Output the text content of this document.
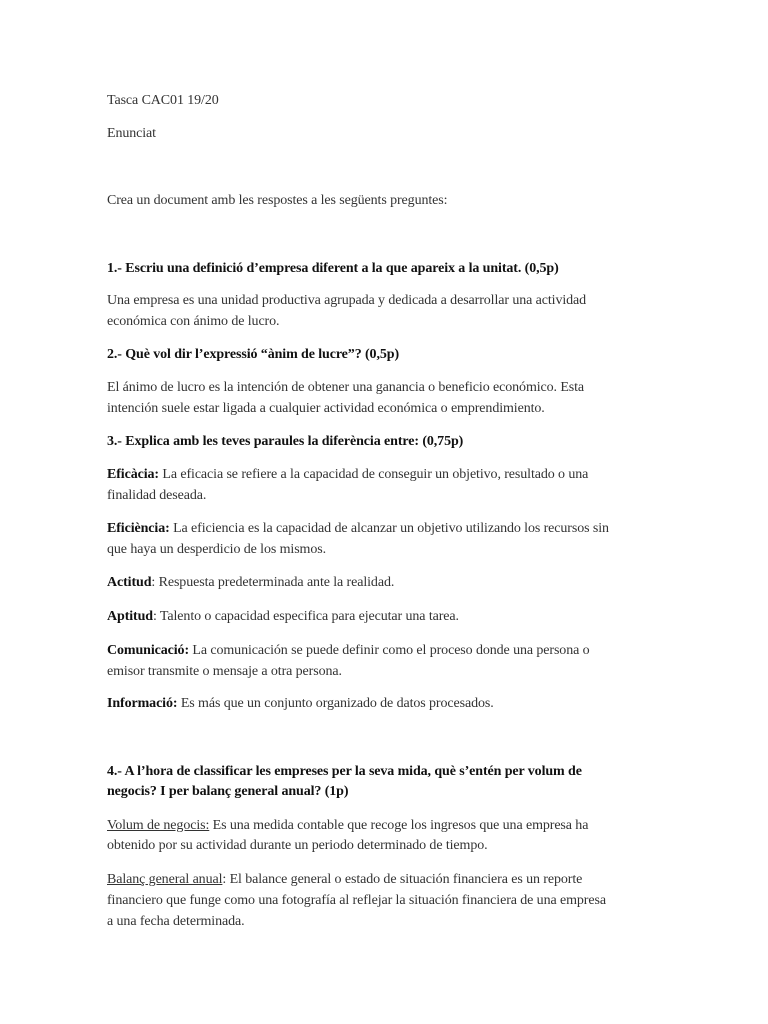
Tasca CAC01 19/20
Enunciat
Crea un document amb les respostes a les següents preguntes:
1.- Escriu una definició d’empresa diferent a la que apareix a la unitat. (0,5p)
Una empresa es una unidad productiva agrupada y dedicada a desarrollar una actividad
económica con ánimo de lucro.
2.- Què vol dir l’expressió “ànim de lucre”? (0,5p)
El ánimo de lucro es la intención de obtener una ganancia o beneficio económico. Esta
intención suele estar ligada a cualquier actividad económica o emprendimiento.
3.- Explica amb les teves paraules la diferència entre: (0,75p)
Eficàcia: La eficacia se refiere a la capacidad de conseguir un objetivo, resultado o una
finalidad deseada.
Eficiència: La eficiencia es la capacidad de alcanzar un objetivo utilizando los recursos sin
que haya un desperdicio de los mismos.
Actitud: Respuesta predeterminada ante la realidad.
Aptitud: Talento o capacidad especifica para ejecutar una tarea.
Comunicació: La comunicación se puede definir como el proceso donde una persona o
emisor transmite o mensaje a otra persona.
Informació: Es más que un conjunto organizado de datos procesados.
4.- A l’hora de classificar les empreses per la seva mida, què s’entén per volum de
negocis? I per balanç general anual? (1p)
Volum de negocis: Es una medida contable que recoge los ingresos que una empresa ha
obtenido por su actividad durante un periodo determinado de tiempo.
Balanç general anual: El balance general o estado de situación financiera es un reporte
financiero que funge como una fotografía al reflejar la situación financiera de una empresa
a una fecha determinada.
